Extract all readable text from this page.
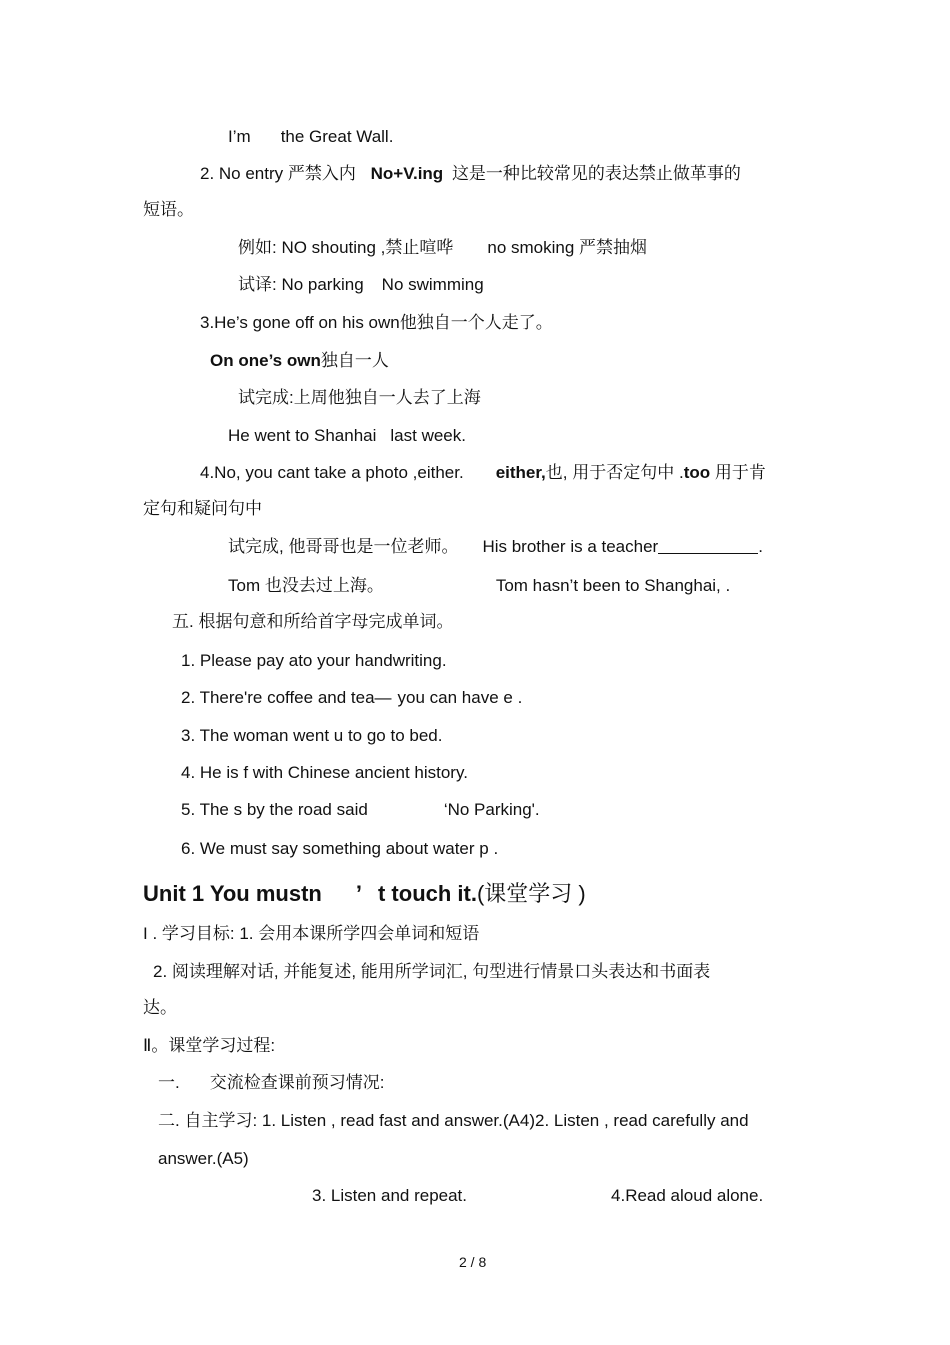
I’m the Great Wall.
2. No entry 严禁入内 No+V.ing 这是一种比较常见的表达禁止做革事的
短语。
例如: NO shouting ,禁止喧哗 no smoking 严禁抽烟
试译: No parking No swimming
3.He’s gone off on his own他独自一个人走了。
On one’s own独自一人
试完成:上周他独自一人去了上海
He went to Shanhai last week.
4.No, you cant take a photo ,either. either,也, 用于否定句中 .too 用于肯
定句和疑问句中
试完成, 他哥哥也是一位老师。 His brother is a teacher	.
Tom 也没去过上海。	Tom hasn’t been to Shanghai, .
五. 根据句意和所给首字母完成单词。
1. Please pay ato your handwriting.
2. There're coffee and tea— you can have e .
3. The woman went u to go to bed.
4. He is f with Chinese ancient history.
5. The s by the road said	‘No Parking'.
6. We must say something about water p .
Unit 1 You mustn ’ t touch it.(课堂学习 )
I . 学习目标: 1. 会用本课所学四会单词和短语
2. 阅读理解对话, 并能复述, 能用所学词汇, 句型进行情景口头表达和书面表
达。
Ⅱ。课堂学习过程:
一. 交流检查课前预习情况:
二. 自主学习: 1. Listen , read fast and answer.(A4)2. Listen , read carefully and
answer.(A5)
3. Listen and repeat.	4.Read aloud alone.
2 / 8
